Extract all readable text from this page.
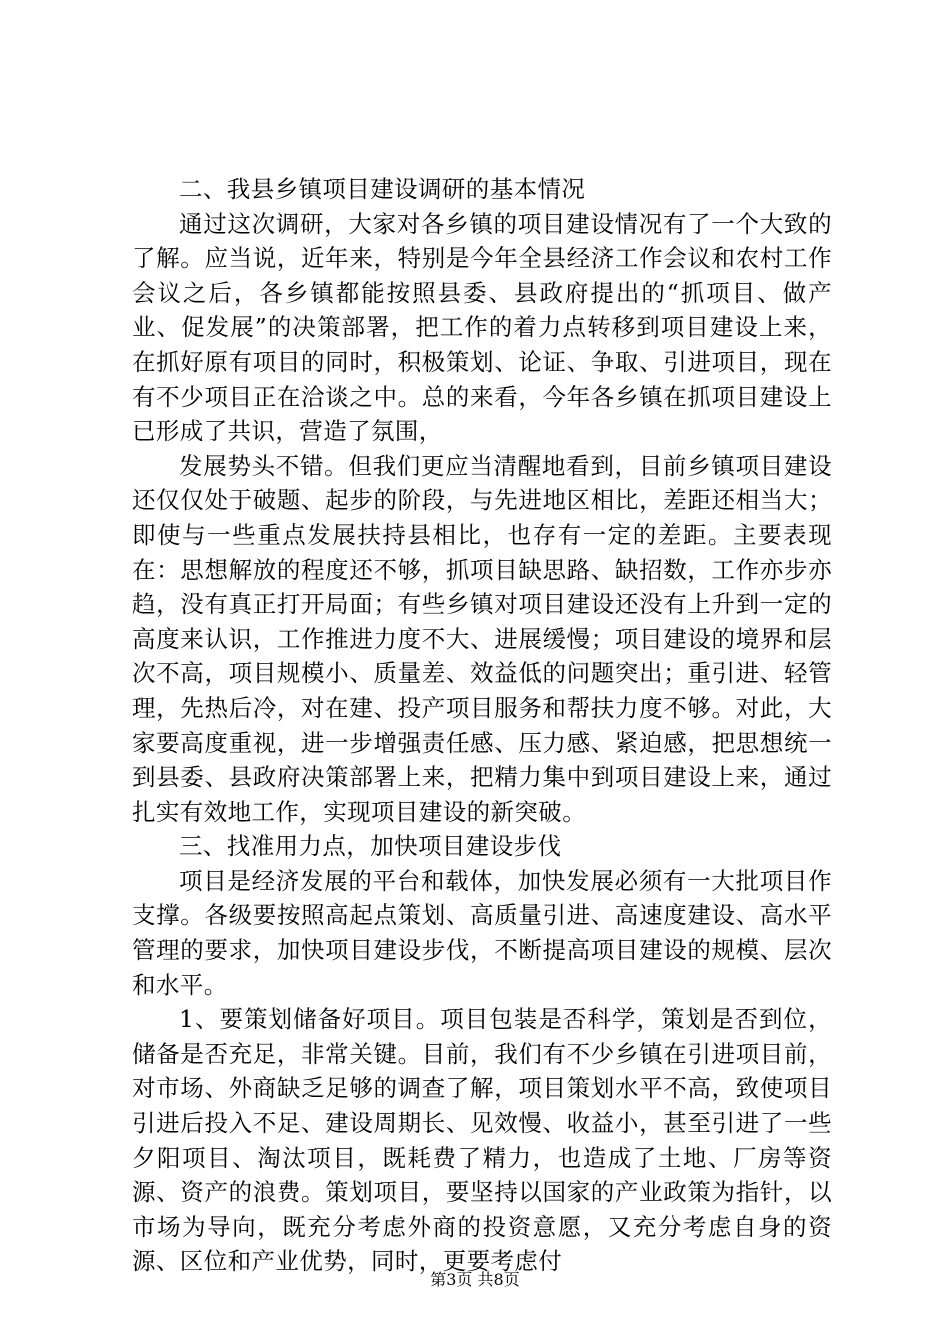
二、我县乡镇项目建设调研的基本情况

通过这次调研，大家对各乡镇的项目建设情况有了一个大致的了解。应当说，近年来，特别是今年全县经济工作会议和农村工作会议之后，各乡镇都能按照县委、县政府提出的“抓项目、做产业、促发展”的决策部署，把工作的着力点转移到项目建设上来，在抓好原有项目的同时，积极策划、论证、争取、引进项目，现在有不少项目正在洽谈之中。总的来看，今年各乡镇在抓项目建设上已形成了共识，营造了氛围，

发展势头不错。但我们更应当清醒地看到，目前乡镇项目建设还仅仅处于破题、起步的阶段，与先进地区相比，差距还相当大；即使与一些重点发展扶持县相比，也存有一定的差距。主要表现在：思想解放的程度还不够，抓项目缺思路、缺招数，工作亦步亦趋，没有真正打开局面；有些乡镇对项目建设还没有上升到一定的高度来认识，工作推进力度不大、进展缓慢；项目建设的境界和层次不高，项目规模小、质量差、效益低的问题突出；重引进、轻管理，先热后冷，对在建、投产项目服务和帮扶力度不够。对此，大家要高度重视，进一步增强责任感、压力感、紧迫感，把思想统一到县委、县政府决策部署上来，把精力集中到项目建设上来，通过扎实有效地工作，实现项目建设的新突破。

三、找准用力点，加快项目建设步伐

项目是经济发展的平台和载体，加快发展必须有一大批项目作支撑。各级要按照高起点策划、高质量引进、高速度建设、高水平管理的要求，加快项目建设步伐，不断提高项目建设的规模、层次和水平。

1、要策划储备好项目。项目包装是否科学，策划是否到位，储备是否充足，非常关键。目前，我们有不少乡镇在引进项目前，对市场、外商缺乏足够的调查了解，项目策划水平不高，致使项目引进后投入不足、建设周期长、见效慢、收益小，甚至引进了一些夕阳项目、淘汰项目，既耗费了精力，也造成了土地、厂房等资源、资产的浪费。策划项目，要坚持以国家的产业政策为指针，以市场为导向，既充分考虑外商的投资意愿，又充分考虑自身的资源、区位和产业优势，同时，更要考虑付

第3页 共8页
